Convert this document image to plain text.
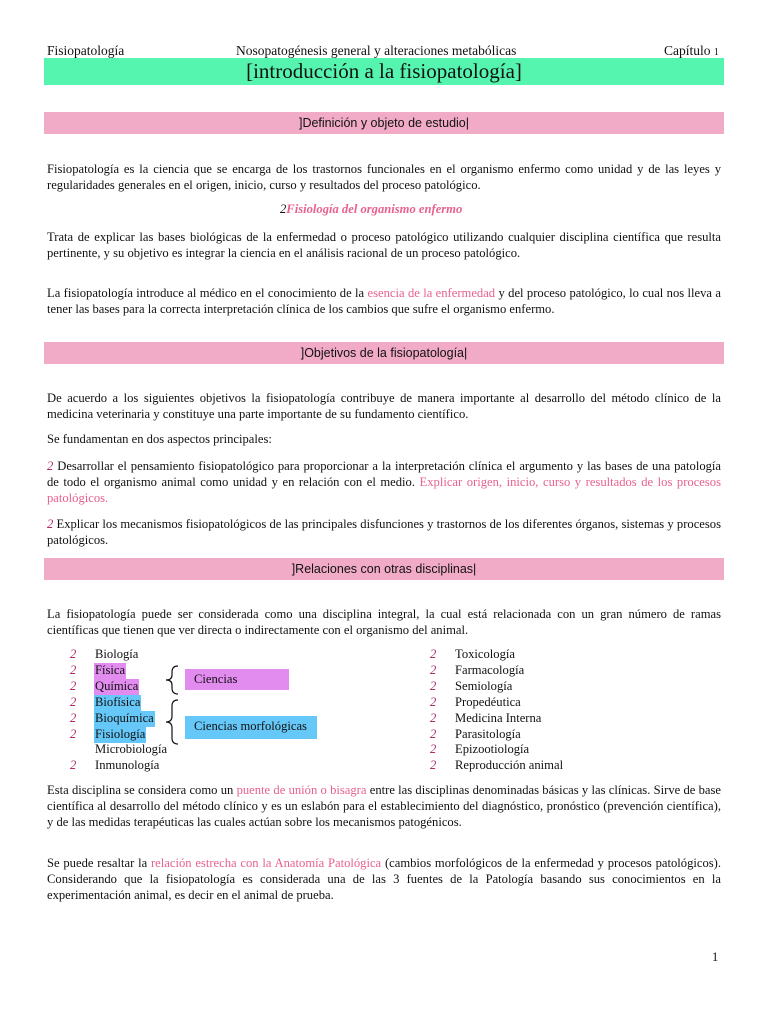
Fisiopatología	Nosopatogénesis general y alteraciones metabólicas	Capítulo 1
[introducción a la fisiopatología]
]Definición y objeto de estudio|
Fisiopatología es la ciencia que se encarga de los trastornos funcionales en el organismo enfermo como unidad y de las leyes y regularidades generales en el origen, inicio, curso y resultados del proceso patológico.
2Fisiología del organismo enfermo
Trata de explicar las bases biológicas de la enfermedad o proceso patológico utilizando cualquier disciplina científica que resulta pertinente, y su objetivo es integrar la ciencia en el análisis racional de un proceso patológico.
La fisiopatología introduce al médico en el conocimiento de la esencia de la enfermedad y del proceso patológico, lo cual nos lleva a tener las bases para la correcta interpretación clínica de los cambios que sufre el organismo enfermo.
]Objetivos de la fisiopatología|
De acuerdo a los siguientes objetivos la fisiopatología contribuye de manera importante al desarrollo del método clínico de la medicina veterinaria y constituye una parte importante de su fundamento científico.
Se fundamentan en dos aspectos principales:
2 Desarrollar el pensamiento fisiopatológico para proporcionar a la interpretación clínica el argumento y las bases de una patología de todo el organismo animal como unidad y en relación con el medio. Explicar origen, inicio, curso y resultados de los procesos patológicos.
2 Explicar los mecanismos fisiopatológicos de las principales disfunciones y trastornos de los diferentes órganos, sistemas y procesos patológicos.
]Relaciones con otras disciplinas|
La fisiopatología puede ser considerada como una disciplina integral, la cual está relacionada con un gran número de ramas científicas que tienen que ver directa o indirectamente con el organismo del animal.
2	Biología
2	Física
2	Química
2	Biofísica
2	Bioquímica
2	Fisiología
Microbiología
2	Inmunología
Ciencias
Ciencias morfológicas
2	Toxicología
2	Farmacología
2	Semiología
2	Propedéutica
2	Medicina Interna
2	Parasitología
2	Epizootiología
2	Reproducción animal
Esta disciplina se considera como un puente de unión o bisagra entre las disciplinas denominadas básicas y las clínicas. Sirve de base científica al desarrollo del método clínico y es un eslabón para el establecimiento del diagnóstico, pronóstico (prevención científica), y de las medidas terapéuticas las cuales actúan sobre los mecanismos patogénicos.
Se puede resaltar la relación estrecha con la Anatomía Patológica (cambios morfológicos de la enfermedad y procesos patológicos). Considerando que la fisiopatología es considerada una de las 3 fuentes de la Patología basando sus conocimientos en la experimentación animal, es decir en el animal de prueba.
1
